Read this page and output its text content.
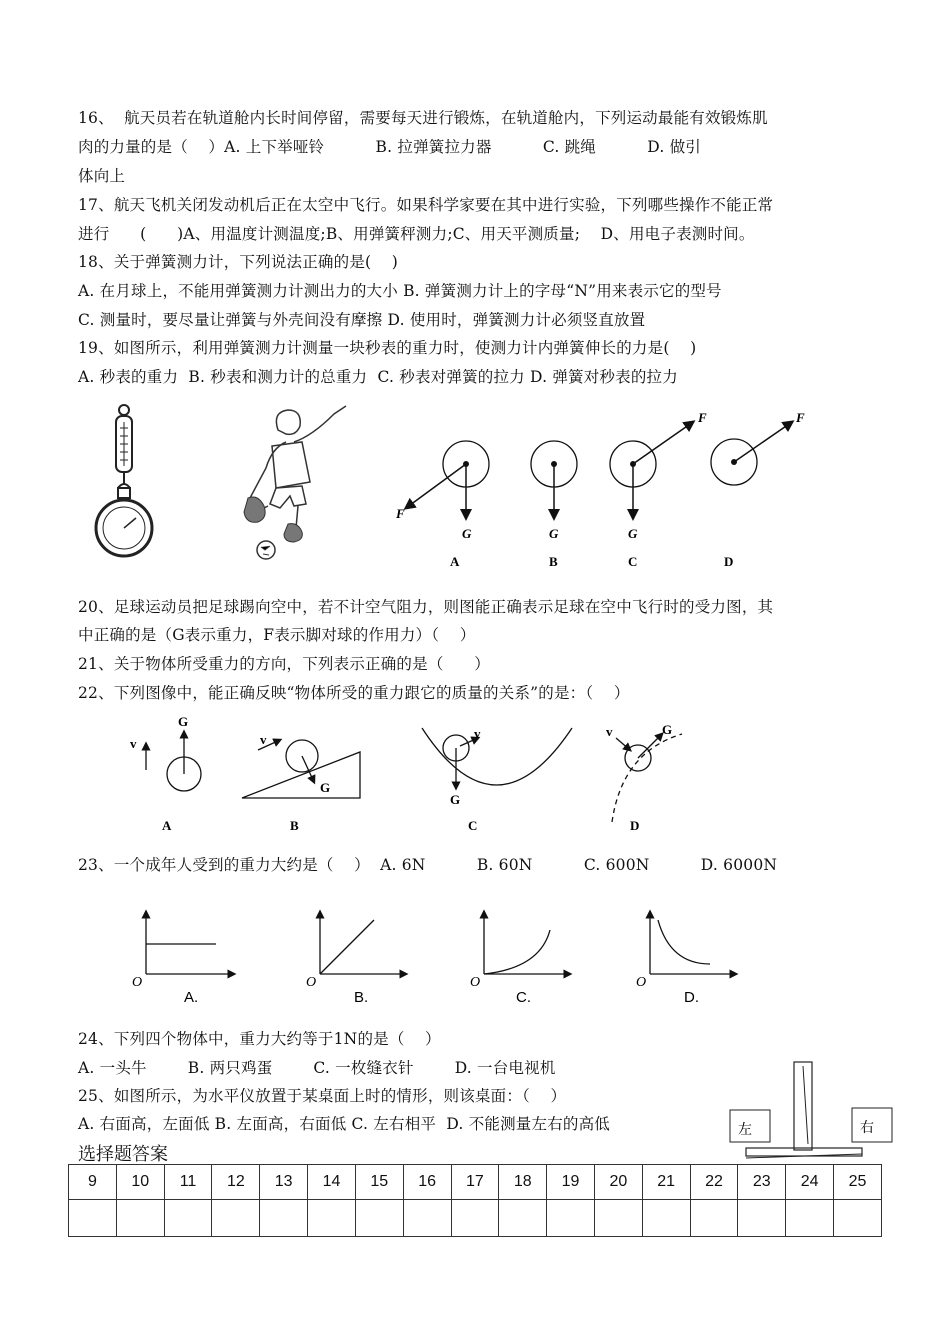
16、  航天员若在轨道舱内长时间停留，需要每天进行锻炼，在轨道舱内，下列运动最能有效锻炼肌
肉的力量的是（    ）A. 上下举哑铃          B. 拉弹簧拉力器          C. 跳绳          D. 做引
体向上
17、航天飞机关闭发动机后正在太空中飞行。如果科学家要在其中进行实验，下列哪些操作不能正常
进行      (      )A、用温度计测温度;B、用弹簧秤测力;C、用天平测质量;    D、用电子表测时间。
18、关于弹簧测力计，下列说法正确的是(    )
A. 在月球上，不能用弹簧测力计测出力的大小 B. 弹簧测力计上的字母“N”用来表示它的型号
C. 测量时，要尽量让弹簧与外壳间没有摩擦 D. 使用时，弹簧测力计必须竖直放置
19、如图所示，利用弹簧测力计测量一块秒表的重力时，使测力计内弹簧伸长的力是(    )
A. 秒表的重力  B. 秒表和测力计的总重力  C. 秒表对弹簧的拉力 D. 弹簧对秒表的拉力
F
G
A
G
B
F
G
C
F
D
20、足球运动员把足球踢向空中，若不计空气阻力，则图能正确表示足球在空中飞行时的受力图，其
中正确的是（G表示重力，F表示脚对球的作用力）（    ）
21、关于物体所受重力的方向，下列表示正确的是（      ）
22、下列图像中，能正确反映“物体所受的重力跟它的质量的关系”的是：（    ）
v
G
A
G
v
B
G
v
C
G
v
D
23、一个成年人受到的重力大约是（    ）  A. 6N          B. 60N          C. 600N          D. 6000N
O
A.
O
B.
O
C.
O
D.
24、下列四个物体中，重力大约等于1N的是（    ）
A. 一头牛        B. 两只鸡蛋        C. 一枚缝衣针        D. 一台电视机
25、如图所示，为水平仪放置于某桌面上时的情形，则该桌面：（    ）
A. 右面高，左面低 B. 左面高，右面低 C. 左右相平  D. 不能测量左右的高低	左	右
选择题答案
9	10	11	12	13	14	15	16	17	18	19	20	21	22	23	24	25
